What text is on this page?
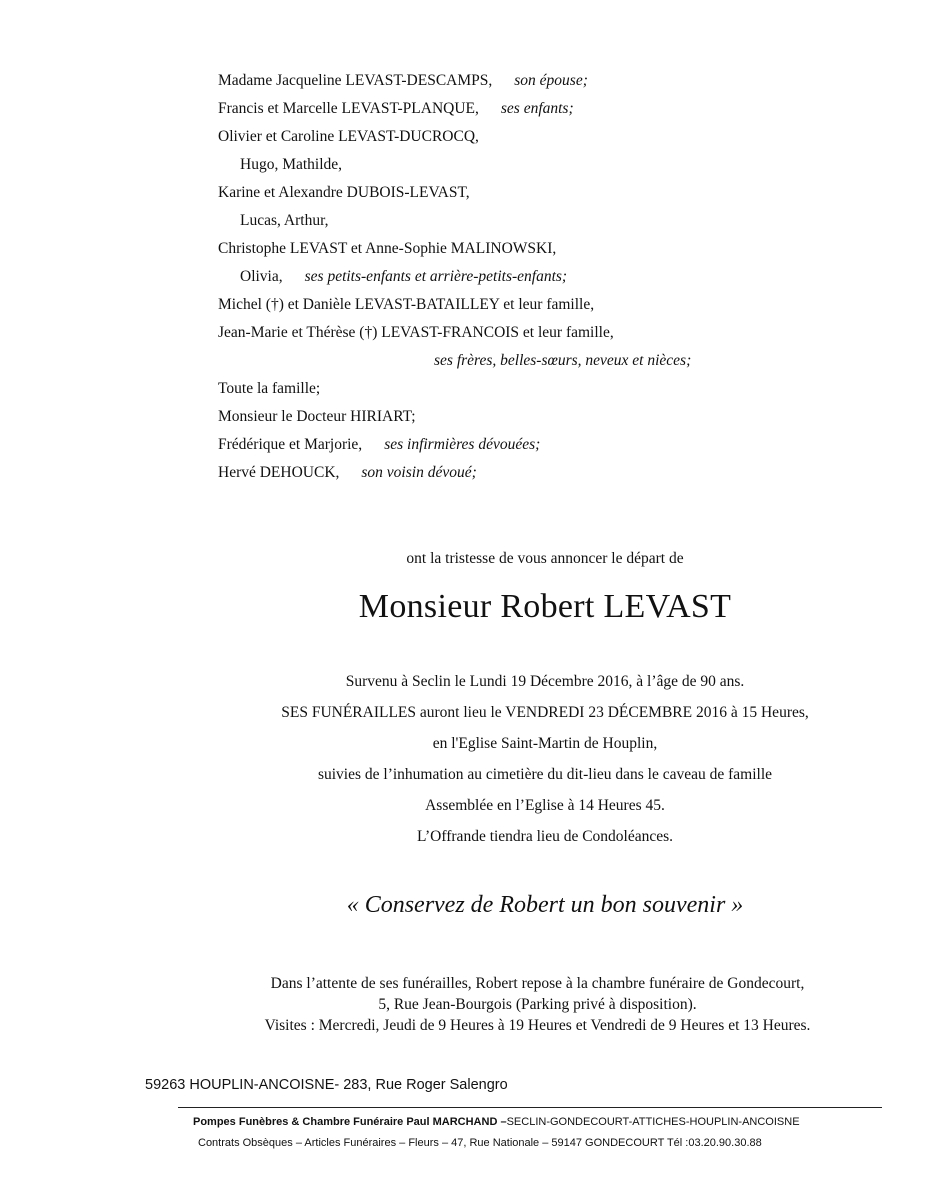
Madame Jacqueline LEVAST-DESCAMPS, son épouse;
Francis et Marcelle LEVAST-PLANQUE, ses enfants;
Olivier et Caroline LEVAST-DUCROCQ,
Hugo, Mathilde,
Karine et Alexandre DUBOIS-LEVAST,
Lucas, Arthur,
Christophe LEVAST et Anne-Sophie MALINOWSKI,
Olivia, ses petits-enfants et arrière-petits-enfants;
Michel (†) et Danièle LEVAST-BATAILLEY et leur famille,
Jean-Marie et Thérèse (†) LEVAST-FRANCOIS et leur famille,
ses frères, belles-sœurs, neveux et nièces;
Toute la famille;
Monsieur le Docteur HIRIART;
Frédérique et Marjorie, ses infirmières dévouées;
Hervé DEHOUCK, son voisin dévoué;
ont la tristesse de vous annoncer le départ de
Monsieur Robert LEVAST
Survenu à Seclin le Lundi 19 Décembre 2016, à l’âge de 90 ans.
SES FUNÉRAILLES auront lieu le VENDREDI 23 DÉCEMBRE 2016 à 15 Heures,
en l'Eglise Saint-Martin de Houplin,
suivies de l’inhumation au cimetière du dit-lieu dans le caveau de famille
Assemblée en l’Eglise à 14 Heures 45.
L’Offrande tiendra lieu de Condoléances.
« Conservez de Robert un bon souvenir »
Dans l’attente de ses funérailles, Robert repose à la chambre funéraire de Gondecourt,
5, Rue Jean-Bourgois (Parking privé à disposition).
Visites : Mercredi, Jeudi de 9 Heures à 19 Heures et Vendredi de 9 Heures et 13 Heures.
59263 HOUPLIN-ANCOISNE- 283, Rue Roger Salengro
Pompes Funèbres & Chambre Funéraire Paul MARCHAND –SECLIN-GONDECOURT-ATTICHES-HOUPLIN-ANCOISNE
Contrats Obsèques – Articles Funéraires – Fleurs – 47, Rue Nationale – 59147 GONDECOURT Tél :03.20.90.30.88
